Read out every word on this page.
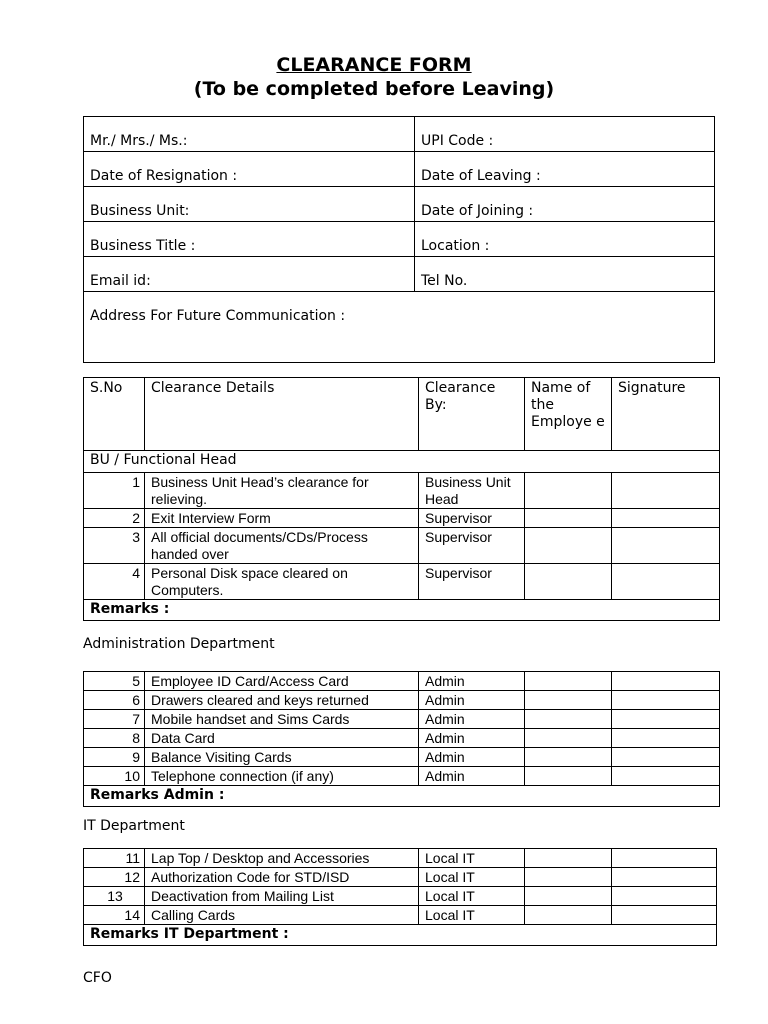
CLEARANCE FORM
(To be completed before Leaving)
Mr./ Mrs./ Ms.:	UPI Code :
Date of Resignation :	Date of Leaving :
Business Unit:	Date of Joining :
Business Title :	Location :
Email id:	Tel No.
Address For Future Communication :	
S.No	Clearance Details	Clearance By:	Name of the Employe e	Signature
BU / Functional Head				
1	Business Unit Head’s clearance for relieving.	Business Unit Head		
2	Exit Interview Form	Supervisor		
3	All official documents/CDs/Process handed over	Supervisor		
4	Personal Disk space cleared on Computers.	Supervisor		
Remarks :				
Administration Department
5	Employee ID Card/Access Card	Admin		
6	Drawers cleared and keys returned	Admin		
7	Mobile handset and Sims Cards	Admin		
8	Data Card	Admin		
9	Balance Visiting Cards	Admin		
10	Telephone connection (if any)	Admin		
Remarks Admin :				
IT Department
11	Lap Top / Desktop and Accessories	Local IT		
12	Authorization Code for STD/ISD	Local IT		
13	Deactivation from Mailing List	Local IT		
14	Calling Cards	Local IT		
Remarks IT Department :				
CFO
